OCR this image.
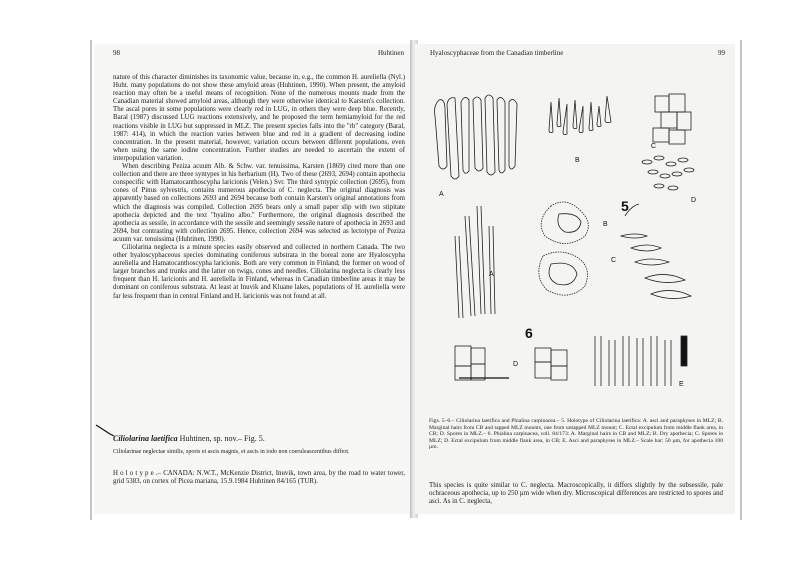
98	Huhtinen

nature of this character diminishes its taxonomic value, because in, e.g., the common H. aureliella (Nyl.) Huht. many populations do not show these amyloid areas (Huhtinen, 1990). When present, the amyloid reaction may often be a useful means of recognition. None of the numerous mounts made from the Canadian material showed amyloid areas, although they were otherwise identical to Karsten's collection. The ascal pores in some populations were clearly red in LUG, in others they were deep blue. Recently, Baral (1987) discussed LUG reactions extensively, and he proposed the term hemiamyloid for the red reactions visible in LUG but suppressed in MLZ. The present species falls into the "rb" category (Baral, 1987: 414), in which the reaction varies between blue and red in a gradient of decreasing iodine concentration. In the present material, however, variation occurs between different populations, even when using the same iodine concentration. Further studies are needed to ascertain the extent of interpopulation variation.

When describing Peziza acuum Alb. & Schw. var. tenuissima, Karsten (1869) cited more than one collection and there are three syntypes in his herbarium (H). Two of these (2693, 2694) contain apothecia conspecific with Hamatocanthoscypha laricionis (Velen.) Svr. The third syntypic collection (2695), from cones of Pinus sylvestris, contains numerous apothecia of C. neglecta. The original diagnosis was apparently based on collections 2693 and 2694 because both contain Karsten's original annotations from which the diagnosis was compiled. Collection 2695 bears only a small paper slip with two stipitate apothecia depicted and the text "hyalino albo." Furthermore, the original diagnosis described the apothecia as sessile, in accordance with the sessile and seemingly sessile nature of apothecia in 2693 and 2694, but contrasting with collection 2695. Hence, collection 2694 was selected as lectotype of Peziza acuum var. tenuissima (Huhtinen, 1990).

Ciliolarina neglecta is a minute species easily observed and collected in northern Canada. The two other hyaloscyphaceous species dominating coniferous substrata in the boreal zone are Hyaloscypha aureliella and Hamatocanthoscypha laricionis. Both are very common in Finland; the former on wood of larger branches and trunks and the latter on twigs, cones and needles. Ciliolarina neglecta is clearly less frequent than H. laricionis and H. aureliella in Finland, whereas in Canadian timberline areas it may be dominant on coniferous substrata. At least at Inuvik and Kluane lakes, populations of H. aureliella were far less frequent than in central Finland and H. laricionis was not found at all.

Ciliolarina laetifica Huhtinen, sp. nov.– Fig. 5.

Ciliolarinae neglectae similis, sporis et ascis magnis, et ascis in iodo non coeruleascentibus differt.

H o l o t y p e .– CANADA: N.W.T., McKenzie District, Inuvik, town area, by the road to water tower, grid 5383, on cortex of Picea mariana, 15.9.1984 Huhtinen 84/165 (TUR).

Hyaloscyphaceae from the Canadian timberline	99
A
B
C
D
B
C
A
D
E
5
6

Figs. 5–6.– Ciliolarina laetifica and Phialina carpinacea.– 5. Holotype of Ciliolarina laetifica: A. asci and paraphyses in MLZ; B. Marginal hairs from CB and tapped MLZ mounts, one from untapped MLZ mount; C. Ectal excipulum from middle flank area, in CB; D. Spores in MLZ.– 6. Phialina carpinacea, coll. 84/173: A. Marginal hairs in CB and MLZ; B. Dry apothecia; C. Spores in MLZ; D. Ectal excipulum from middle flank area, in CB; E. Asci and paraphyses in MLZ.– Scale bar: 50 µm, for apothecia 100 µm.

This species is quite similar to C. neglecta. Macroscopically, it differs slightly by the subsessile, pale ochraceous apothecia, up to 250 µm wide when dry. Microscopical differences are restricted to spores and asci. As in C. neglecta,
